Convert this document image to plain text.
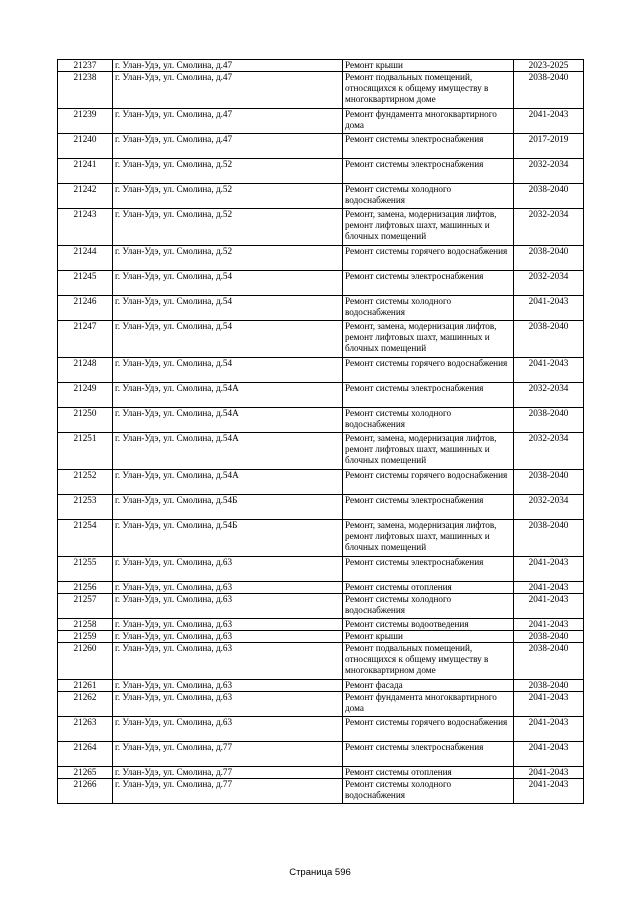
21237	г. Улан-Удэ, ул. Смолина, д.47	Ремонт крыши	2023-2025
21238	г. Улан-Удэ, ул. Смолина, д.47	Ремонт подвальных помещений, относящихся к общему имуществу в многоквартирном доме	2038-2040
21239	г. Улан-Удэ, ул. Смолина, д.47	Ремонт фундамента многоквартирного дома	2041-2043
21240	г. Улан-Удэ, ул. Смолина, д.47	Ремонт системы электроснабжения	2017-2019
21241	г. Улан-Удэ, ул. Смолина, д.52	Ремонт системы электроснабжения	2032-2034
21242	г. Улан-Удэ, ул. Смолина, д.52	Ремонт системы холодного водоснабжения	2038-2040
21243	г. Улан-Удэ, ул. Смолина, д.52	Ремонт, замена, модернизация лифтов, ремонт лифтовых шахт, машинных и блочных помещений	2032-2034
21244	г. Улан-Удэ, ул. Смолина, д.52	Ремонт системы горячего водоснабжения	2038-2040
21245	г. Улан-Удэ, ул. Смолина, д.54	Ремонт системы электроснабжения	2032-2034
21246	г. Улан-Удэ, ул. Смолина, д.54	Ремонт системы холодного водоснабжения	2041-2043
21247	г. Улан-Удэ, ул. Смолина, д.54	Ремонт, замена, модернизация лифтов, ремонт лифтовых шахт, машинных и блочных помещений	2038-2040
21248	г. Улан-Удэ, ул. Смолина, д.54	Ремонт системы горячего водоснабжения	2041-2043
21249	г. Улан-Удэ, ул. Смолина, д.54А	Ремонт системы электроснабжения	2032-2034
21250	г. Улан-Удэ, ул. Смолина, д.54А	Ремонт системы холодного водоснабжения	2038-2040
21251	г. Улан-Удэ, ул. Смолина, д.54А	Ремонт, замена, модернизация лифтов, ремонт лифтовых шахт, машинных и блочных помещений	2032-2034
21252	г. Улан-Удэ, ул. Смолина, д.54А	Ремонт системы горячего водоснабжения	2038-2040
21253	г. Улан-Удэ, ул. Смолина, д.54Б	Ремонт системы электроснабжения	2032-2034
21254	г. Улан-Удэ, ул. Смолина, д.54Б	Ремонт, замена, модернизация лифтов, ремонт лифтовых шахт, машинных и блочных помещений	2038-2040
21255	г. Улан-Удэ, ул. Смолина, д.63	Ремонт системы электроснабжения	2041-2043
21256	г. Улан-Удэ, ул. Смолина, д.63	Ремонт системы отопления	2041-2043
21257	г. Улан-Удэ, ул. Смолина, д.63	Ремонт системы холодного водоснабжения	2041-2043
21258	г. Улан-Удэ, ул. Смолина, д.63	Ремонт системы водоотведения	2041-2043
21259	г. Улан-Удэ, ул. Смолина, д.63	Ремонт крыши	2038-2040
21260	г. Улан-Удэ, ул. Смолина, д.63	Ремонт подвальных помещений, относящихся к общему имуществу в многоквартирном доме	2038-2040
21261	г. Улан-Удэ, ул. Смолина, д.63	Ремонт фасада	2038-2040
21262	г. Улан-Удэ, ул. Смолина, д.63	Ремонт фундамента многоквартирного дома	2041-2043
21263	г. Улан-Удэ, ул. Смолина, д.63	Ремонт системы горячего водоснабжения	2041-2043
21264	г. Улан-Удэ, ул. Смолина, д.77	Ремонт системы электроснабжения	2041-2043
21265	г. Улан-Удэ, ул. Смолина, д.77	Ремонт системы отопления	2041-2043
21266	г. Улан-Удэ, ул. Смолина, д.77	Ремонт системы холодного водоснабжения	2041-2043
Страница 596
